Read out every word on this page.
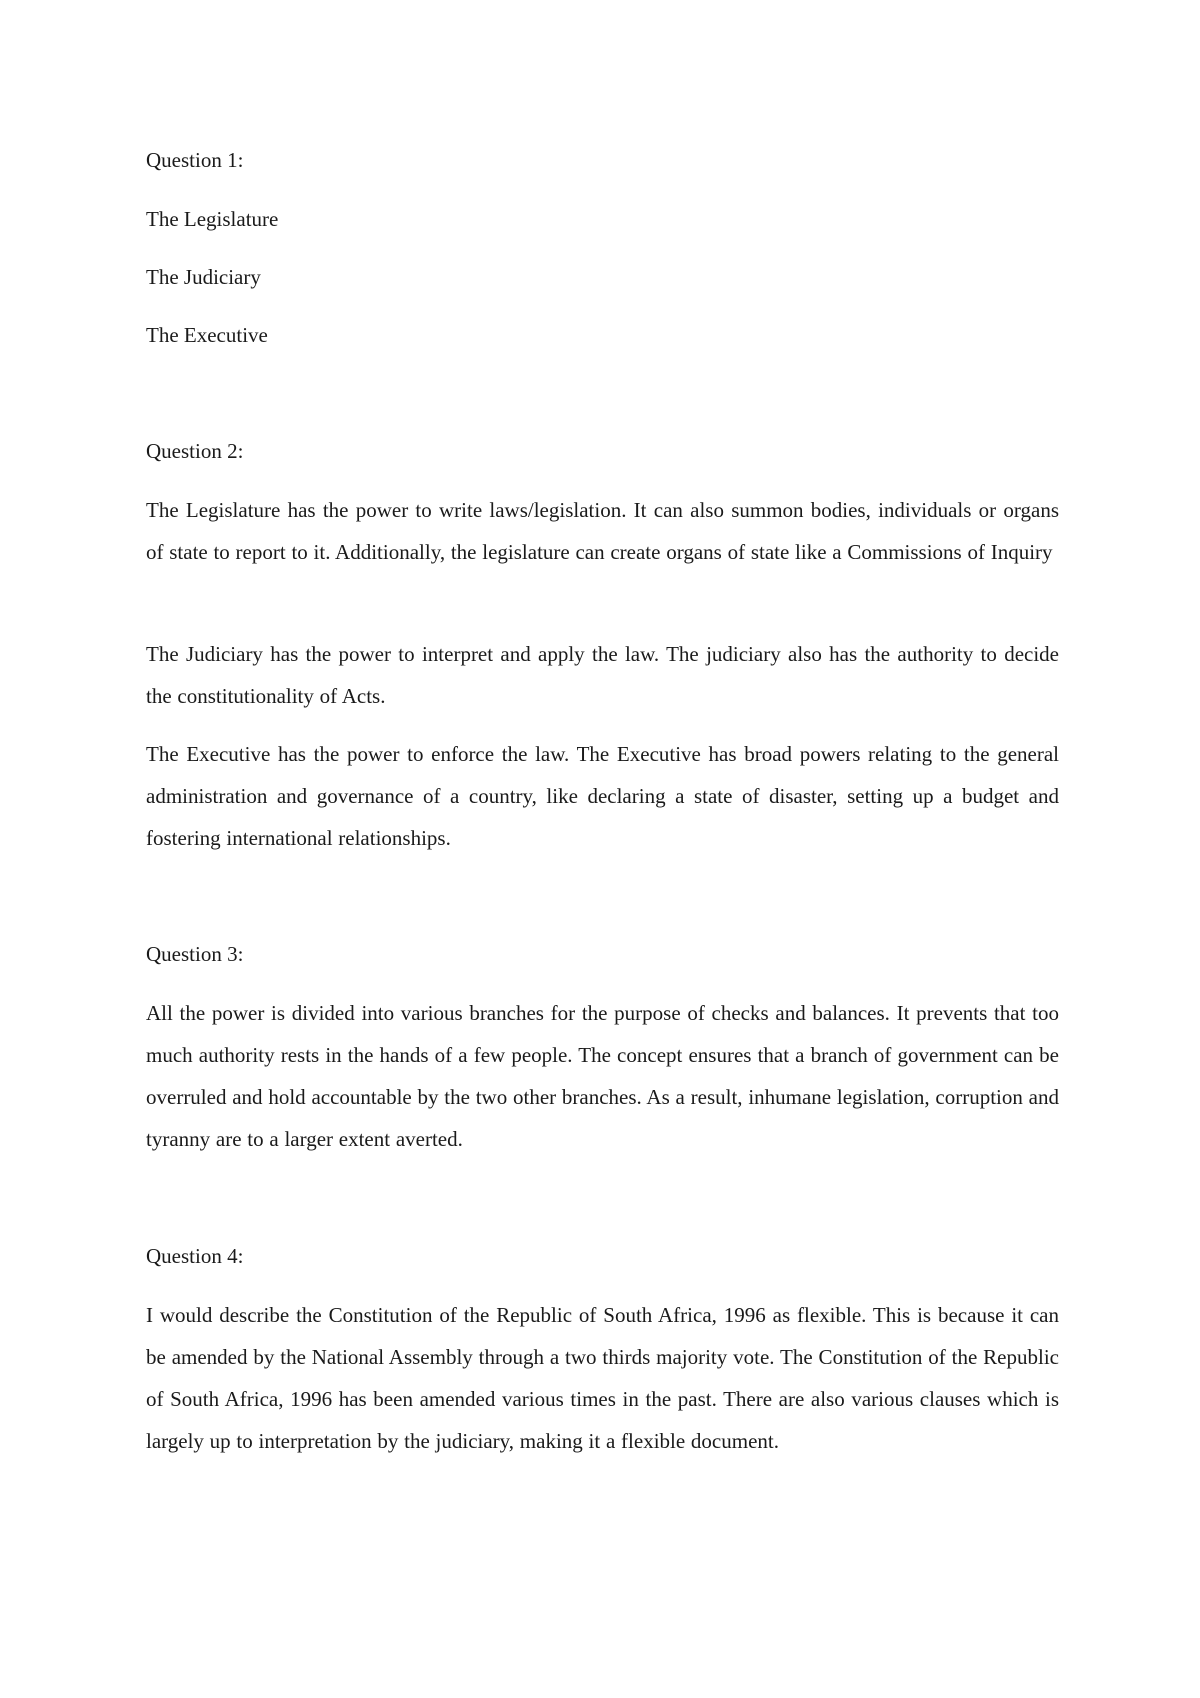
Question 1:

The Legislature

The Judiciary

The Executive

Question 2:

The Legislature has the power to write laws/legislation. It can also summon bodies, individuals or organs of state to report to it. Additionally, the legislature can create organs of state like a Commissions of Inquiry

The Judiciary has the power to interpret and apply the law. The judiciary also has the authority to decide the constitutionality of Acts.

The Executive has the power to enforce the law. The Executive has broad powers relating to the general administration and governance of a country, like declaring a state of disaster, setting up a budget and fostering international relationships.

Question 3:

All the power is divided into various branches for the purpose of checks and balances. It prevents that too much authority rests in the hands of a few people. The concept ensures that a branch of government can be overruled and hold accountable by the two other branches. As a result, inhumane legislation, corruption and tyranny are to a larger extent averted.

Question 4:

I would describe the Constitution of the Republic of South Africa, 1996 as flexible. This is because it can be amended by the National Assembly through a two thirds majority vote. The Constitution of the Republic of South Africa, 1996 has been amended various times in the past. There are also various clauses which is largely up to interpretation by the judiciary, making it a flexible document.
